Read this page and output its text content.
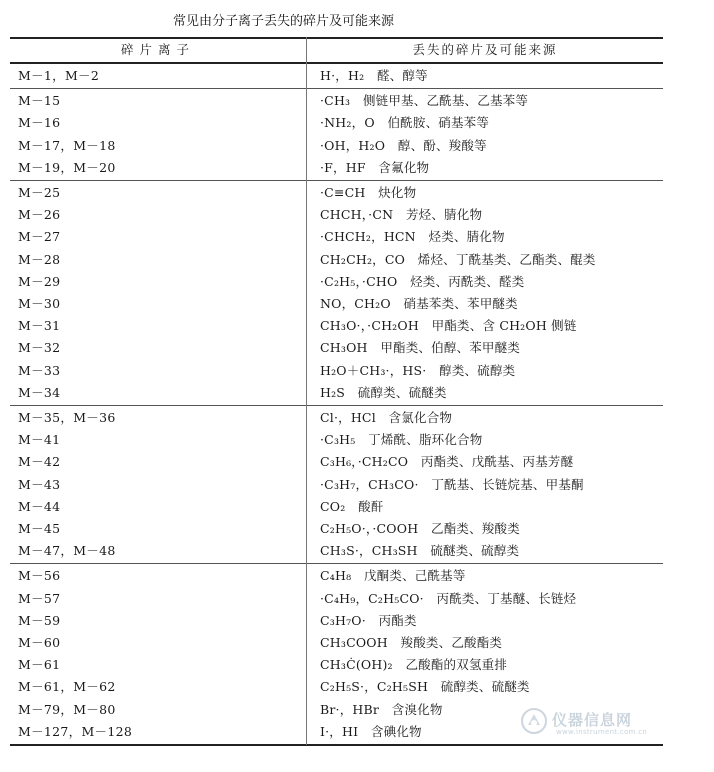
常见由分子离子丢失的碎片及可能来源
碎片离子	丢失的碎片及可能来源
M－1，M－2	H·，H₂　醛、醇等
M－15	·CH₃　侧链甲基、乙酰基、乙基苯等
M－16	·NH₂，O　伯酰胺、硝基苯等
M－17，M－18	·OH，H₂O　醇、酚、羧酸等
M－19，M－20	·F，HF　含氟化物
M－25	·C≡CH　炔化物
M－26	CHCH，·CN　芳烃、腈化物
M－27	·CHCH₂，HCN　烃类、腈化物
M－28	CH₂CH₂，CO　烯烃、丁酰基类、乙酯类、醌类
M－29	·C₂H₅，·CHO　烃类、丙酰类、醛类
M－30	NO，CH₂O　硝基苯类、苯甲醚类
M－31	CH₃O·，·CH₂OH　甲酯类、含 CH₂OH 侧链
M－32	CH₃OH　甲酯类、伯醇、苯甲醚类
M－33	H₂O＋CH₃·，HS·　醇类、硫醇类
M－34	H₂S　硫醇类、硫醚类
M－35，M－36	Cl·，HCl　含氯化合物
M－41	·C₃H₅　丁烯酰、脂环化合物
M－42	C₃H₆，·CH₂CO　丙酯类、戊酰基、丙基芳醚
M－43	·C₃H₇，CH₃CO·　丁酰基、长链烷基、甲基酮
M－44	CO₂　酸酐
M－45	C₂H₅O·，·COOH　乙酯类、羧酸类
M－47，M－48	CH₃S·，CH₃SH　硫醚类、硫醇类
M－56	C₄H₈　戊酮类、己酰基等
M－57	·C₄H₉，C₂H₅CO·　丙酰类、丁基醚、长链烃
M－59	C₃H₇O·　丙酯类
M－60	CH₃COOH　羧酸类、乙酸酯类
M－61	CH₃Ċ(OH)₂　乙酸酯的双氢重排
M－61，M－62	C₂H₅S·，C₂H₅SH　硫醇类、硫醚类
M－79，M－80	Br·，HBr　含溴化物
M－127，M－128	I·，HI　含碘化物
仪器信息网
www.instrument.com.cn
